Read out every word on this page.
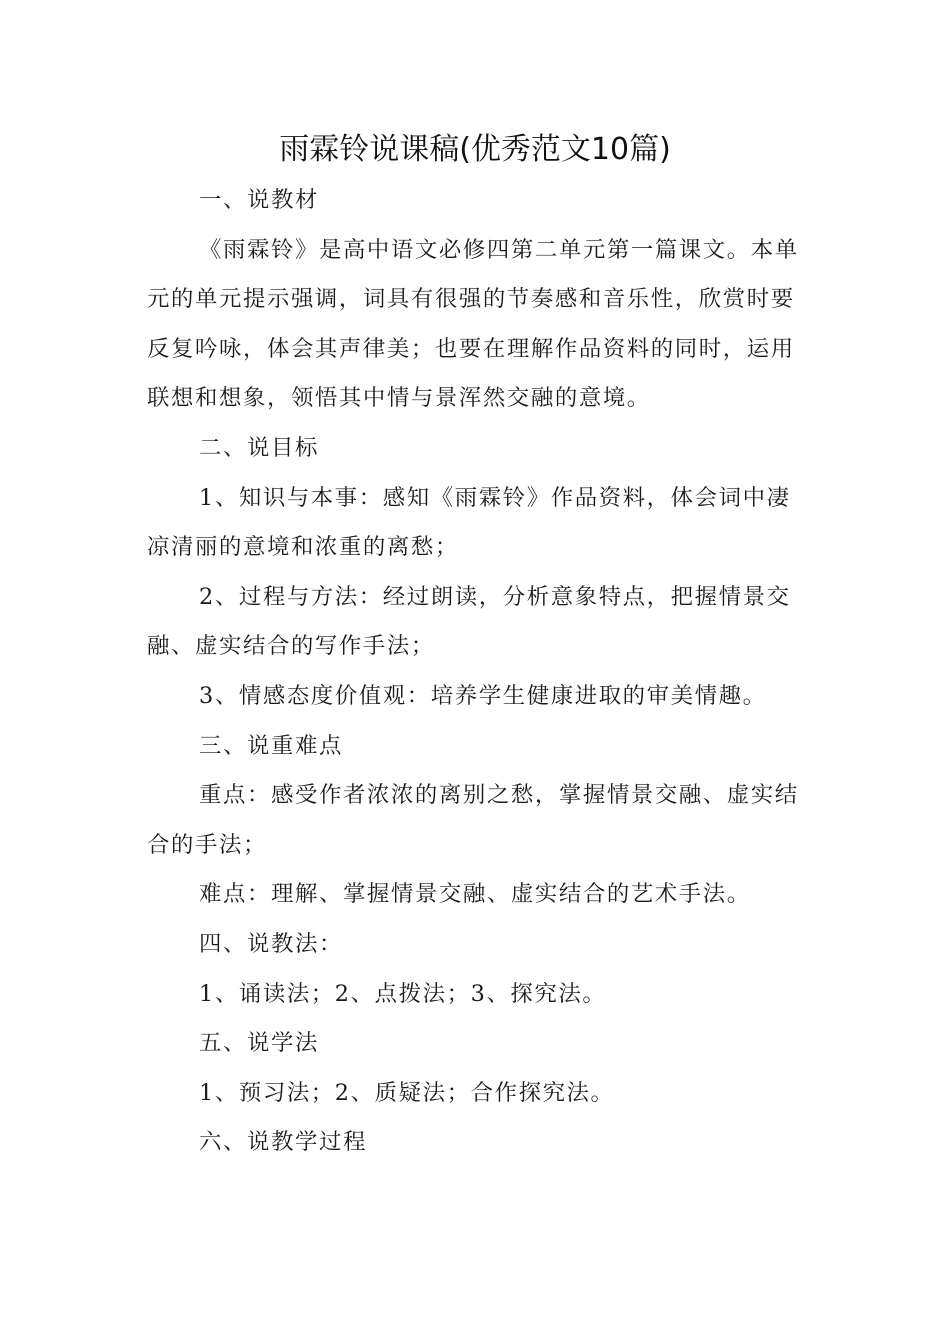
雨霖铃说课稿(优秀范文10篇)

一、说教材

《雨霖铃》是高中语文必修四第二单元第一篇课文。本单元的单元提示强调，词具有很强的节奏感和音乐性，欣赏时要反复吟咏，体会其声律美；也要在理解作品资料的同时，运用联想和想象，领悟其中情与景浑然交融的意境。

二、说目标

1、知识与本事：感知《雨霖铃》作品资料，体会词中凄凉清丽的意境和浓重的离愁；

2、过程与方法：经过朗读，分析意象特点，把握情景交融、虚实结合的写作手法；

3、情感态度价值观：培养学生健康进取的审美情趣。

三、说重难点

重点：感受作者浓浓的离别之愁，掌握情景交融、虚实结合的手法；

难点：理解、掌握情景交融、虚实结合的艺术手法。

四、说教法：

1、诵读法；2、点拨法；3、探究法。

五、说学法

1、预习法；2、质疑法；合作探究法。

六、说教学过程
